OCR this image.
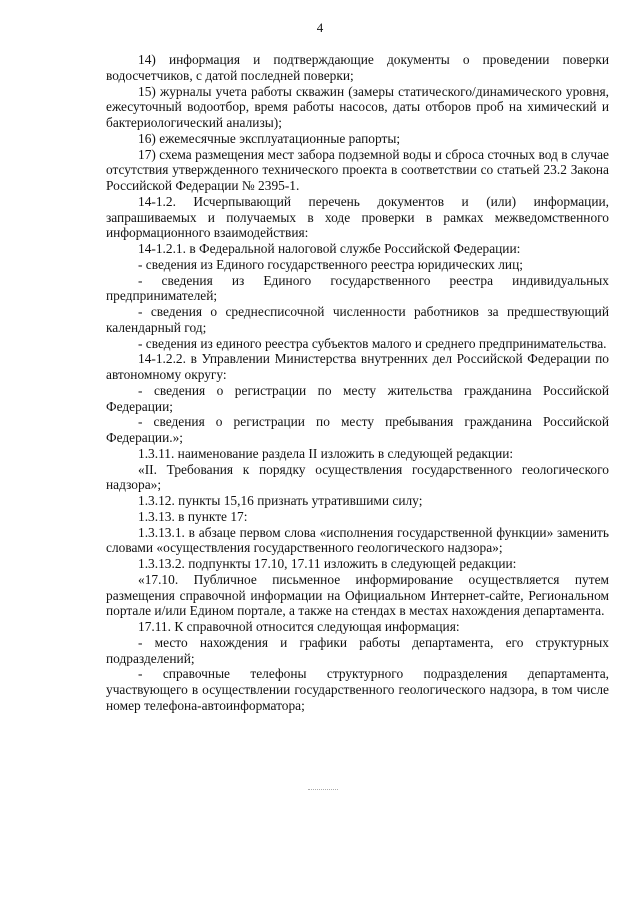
4

14) информация и подтверждающие документы о проведении поверки водосчетчиков, с датой последней поверки;

15) журналы учета работы скважин (замеры статического/динамического уровня, ежесуточный водоотбор, время работы насосов, даты отборов проб на химический и бактериологический анализы);

16) ежемесячные эксплуатационные рапорты;

17) схема размещения мест забора подземной воды и сброса сточных вод в случае отсутствия утвержденного технического проекта в соответствии со статьей 23.2 Закона Российской Федерации № 2395-1.

14-1.2. Исчерпывающий перечень документов и (или) информации, запрашиваемых и получаемых в ходе проверки в рамках межведомственного информационного взаимодействия:

14-1.2.1. в Федеральной налоговой службе Российской Федерации:

- сведения из Единого государственного реестра юридических лиц;

- сведения из Единого государственного реестра индивидуальных предпринимателей;

- сведения о среднесписочной численности работников за предшествующий календарный год;

- сведения из единого реестра субъектов малого и среднего предпринимательства.

14-1.2.2. в Управлении Министерства внутренних дел Российской Федерации по автономному округу:

- сведения о регистрации по месту жительства гражданина Российской Федерации;

- сведения о регистрации по месту пребывания гражданина Российской Федерации.»;

1.3.11. наименование раздела II изложить в следующей редакции:

«II. Требования к порядку осуществления государственного геологического надзора»;

1.3.12. пункты 15,16 признать утратившими силу;

1.3.13. в пункте 17:

1.3.13.1. в абзаце первом слова «исполнения государственной функции» заменить словами «осуществления государственного геологического надзора»;

1.3.13.2. подпункты 17.10, 17.11 изложить в следующей редакции:

«17.10. Публичное письменное информирование осуществляется путем размещения справочной информации на Официальном Интернет-сайте, Региональном портале и/или Едином портале, а также на стендах в местах нахождения департамента.

17.11. К справочной относится следующая информация:

- место нахождения и графики работы департамента, его структурных подразделений;

- справочные телефоны структурного подразделения департамента, участвующего в осуществлении государственного геологического надзора, в том числе номер телефона-автоинформатора;
